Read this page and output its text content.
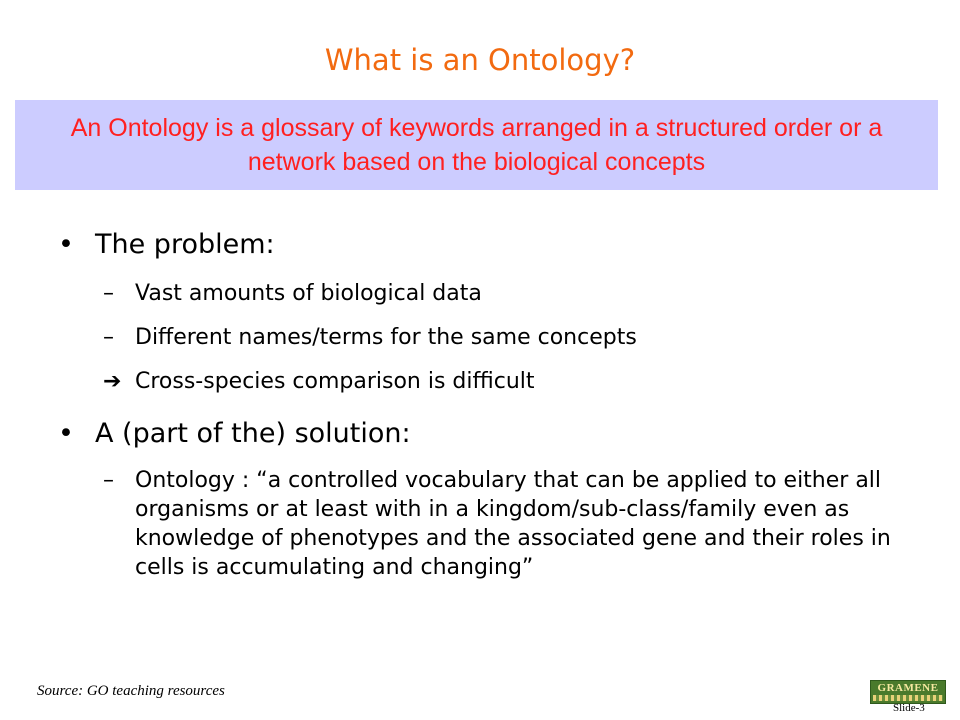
What is an Ontology?
An Ontology is a glossary of keywords arranged in a structured order or a network based on the biological concepts
• The problem:
– Vast amounts of biological data
– Different names/terms for the same concepts
➔ Cross-species comparison is difficult
• A (part of the) solution:
– Ontology : “a controlled vocabulary that can be applied to either all organisms or at least with in a kingdom/sub-class/family even as knowledge of phenotypes and the associated gene and their roles in cells is accumulating and changing”
Source: GO teaching resources	GRAMENE
Slide-3
